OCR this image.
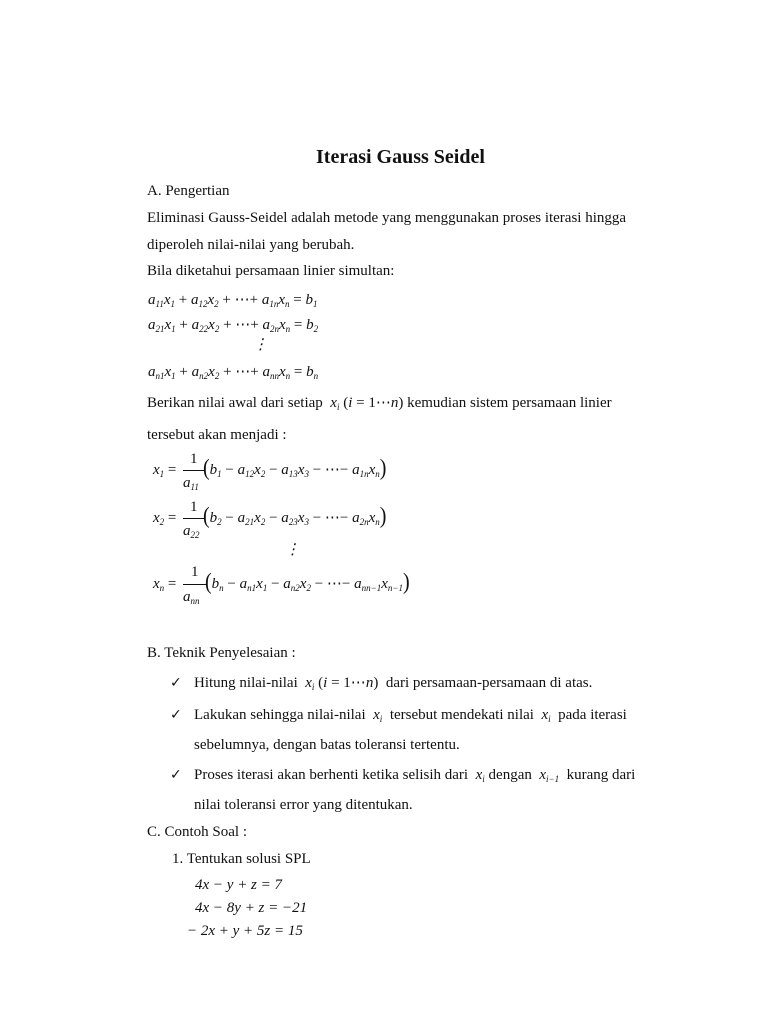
Iterasi Gauss Seidel
A. Pengertian
Eliminasi Gauss-Seidel adalah metode yang menggunakan proses iterasi hingga
diperoleh nilai-nilai yang berubah.
Bila diketahui persamaan linier simultan:
$a_{11}x_1 + a_{12}x_2$ + ⋯+ $a_{1n}x_n = b_1$
$a_{21}x_1 + a_{22}x_2$ + ⋯+ $a_{2n}x_n = b_2$
⋮
$a_{n1}x_1 + a_{n2}x_2$ + ⋯+ $a_{nn}x_n = b_n$
Berikan nilai awal dari setiap  $x_i$ (i = 1⋯n) kemudian sistem persamaan linier
tersebut akan menjadi :
$x_1$ =
1
$a_{11}$
($b_1 - a_{12}x_2 - a_{13}x_3$ − ⋯− $a_{1n}x_n$)
$x_2$ =
1
$a_{22}$
($b_2 - a_{21}x_2 - a_{23}x_3$ − ⋯− $a_{2n}x_n$)
⋮
$x_n$ =
1
$a_{nn}$
($b_n - a_{n1}x_1 - a_{n2}x_2$ − ⋯− $a_{nn-1}x_{n-1}$)
B. Teknik Penyelesaian :
✓ Hitung nilai-nilai  $x_i$ (i = 1⋯n) dari persamaan-persamaan di atas.
✓ Lakukan sehingga nilai-nilai  $x_i$ tersebut mendekati nilai  $x_i$ pada iterasi
sebelumnya, dengan batas toleransi tertentu.
✓ Proses iterasi akan berhenti ketika selisih dari  $x_i$ dengan  $x_{i-1}$ kurang dari
nilai toleransi error yang ditentukan.
C. Contoh Soal :
1. Tentukan solusi SPL
4x − y + z = 7
4x − 8y + z = −21
− 2x + y + 5z = 15
